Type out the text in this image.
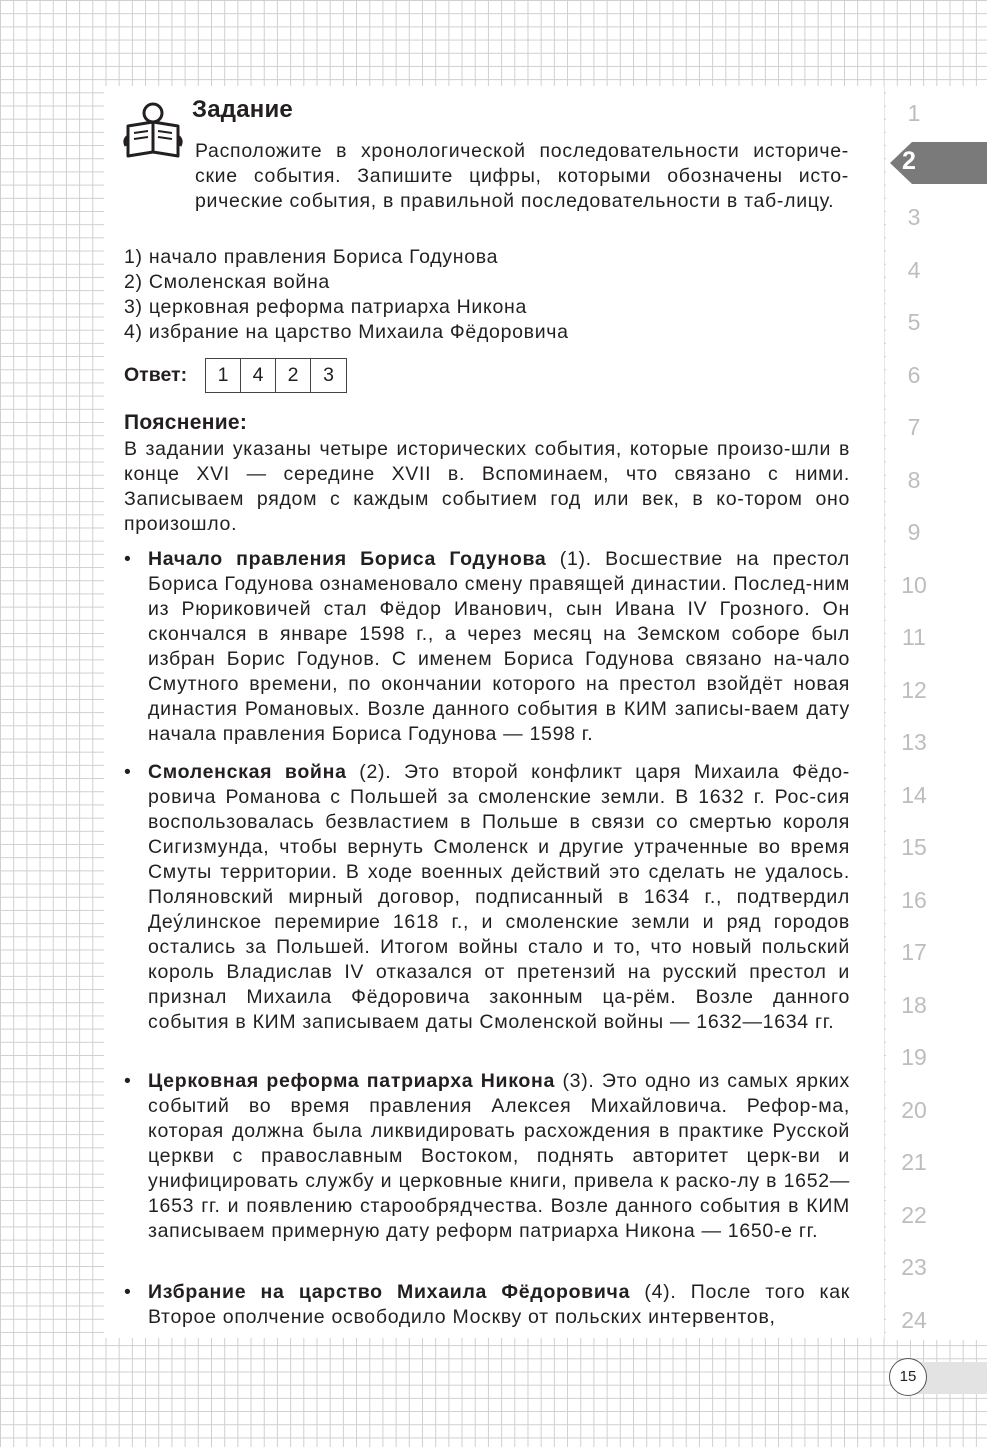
Задание

Расположите в хронологической последовательности историче-ские события. Запишите цифры, которыми обозначены исто-рические события, в правильной последовательности в таб-лицу.

1) начало правления Бориса Годунова
2) Смоленская война
3) церковная реформа патриарха Никона
4) избрание на царство Михаила Фёдоровича
Ответ:	1	4	2	3
Пояснение:

В задании указаны четыре исторических события, которые произо-шли в конце XVI — середине XVII в. Вспоминаем, что связано с ними. Записываем рядом с каждым событием год или век, в ко-тором оно произошло.

• Начало правления Бориса Годунова (1). Восшествие на престол Бориса Годунова ознаменовало смену правящей династии. Послед-ним из Рюриковичей стал Фёдор Иванович, сын Ивана IV Грозного. Он скончался в январе 1598 г., а через месяц на Земском соборе был избран Борис Годунов. С именем Бориса Годунова связано на-чало Смутного времени, по окончании которого на престол взойдёт новая династия Романовых. Возле данного события в КИМ записы-ваем дату начала правления Бориса Годунова — 1598 г.

• Смоленская война (2). Это второй конфликт царя Михаила Фёдо-ровича Романова с Польшей за смоленские земли. В 1632 г. Рос-сия воспользовалась безвластием в Польше в связи со смертью короля Сигизмунда, чтобы вернуть Смоленск и другие утраченные во время Смуты территории. В ходе военных действий это сделать не удалось. Поляновский мирный договор, подписанный в 1634 г., подтвердил Деу́линское перемирие 1618 г., и смоленские земли и ряд городов остались за Польшей. Итогом войны стало и то, что новый польский король Владислав IV отказался от претензий на русский престол и признал Михаила Фёдоровича законным ца-рём. Возле данного события в КИМ записываем даты Смоленской войны — 1632—1634 гг.

• Церковная реформа патриарха Никона (3). Это одно из самых ярких событий во время правления Алексея Михайловича. Рефор-ма, которая должна была ликвидировать расхождения в практике Русской церкви с православным Востоком, поднять авторитет церк-ви и унифицировать службу и церковные книги, привела к раско-лу в 1652—1653 гг. и появлению старообрядчества. Возле данного события в КИМ записываем примерную дату реформ патриарха Никона — 1650-е гг.

• Избрание на царство Михаила Фёдоровича (4). После того как Второе ополчение освободило Москву от польских интервентов,

1
3
4
5
6
7
8
9
10
11
12
13
14
15
16
17
18
19
20
21
22
23
24
2
15
